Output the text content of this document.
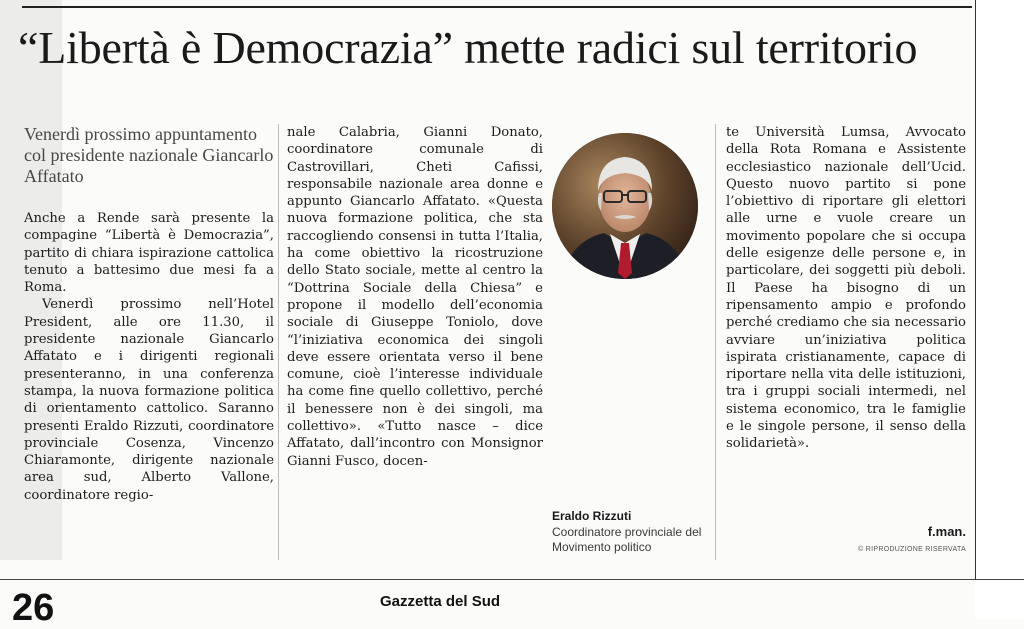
“Libertà è Democrazia” mette radici sul territorio
Venerdì prossimo appuntamento col presidente nazionale Giancarlo Affatato

Anche a Rende sarà presente la compagine “Libertà è Democrazia”, partito di chiara ispirazione cattolica tenuto a battesimo due mesi fa a Roma.

Venerdì prossimo nell’Hotel President, alle ore 11.30, il presidente nazionale Giancarlo Affatato e i dirigenti regionali presenteranno, in una conferenza stampa, la nuova formazione politica di orientamento cattolico. Saranno presenti Eraldo Rizzuti, coordinatore provinciale Cosenza, Vincenzo Chiaramonte, dirigente nazionale area sud, Alberto Vallone, coordinatore regio-

nale Calabria, Gianni Donato, coordinatore comunale di Castrovillari, Cheti Cafissi, responsabile nazionale area donne e appunto Giancarlo Affatato. «Questa nuova formazione politica, che sta raccogliendo consensi in tutta l’Italia, ha come obiettivo la ricostruzione dello Stato sociale, mette al centro la “Dottrina Sociale della Chiesa” e propone il modello dell’economia sociale di Giuseppe Toniolo, dove “l’iniziativa economica dei singoli deve essere orientata verso il bene comune, cioè l’interesse individuale ha come fine quello collettivo, perché il benessere non è dei singoli, ma collettivo». «Tutto nasce – dice Affatato, dall’incontro con Monsignor Gianni Fusco, docen-

Eraldo Rizzuti
Coordinatore provinciale del Movimento politico

te Università Lumsa, Avvocato della Rota Romana e Assistente ecclesiastico nazionale dell’Ucid. Questo nuovo partito si pone l’obiettivo di riportare gli elettori alle urne e vuole creare un movimento popolare che si occupa delle esigenze delle persone e, in particolare, dei soggetti più deboli. Il Paese ha bisogno di un ripensamento ampio e profondo perché crediamo che sia necessario avviare un’iniziativa politica ispirata cristianamente, capace di riportare nella vita delle istituzioni, tra i gruppi sociali intermedi, nel sistema economico, tra le famiglie e le singole persone, il senso della solidarietà».

f.man.
© RIPRODUZIONE RISERVATA
26	Gazzetta del Sud
